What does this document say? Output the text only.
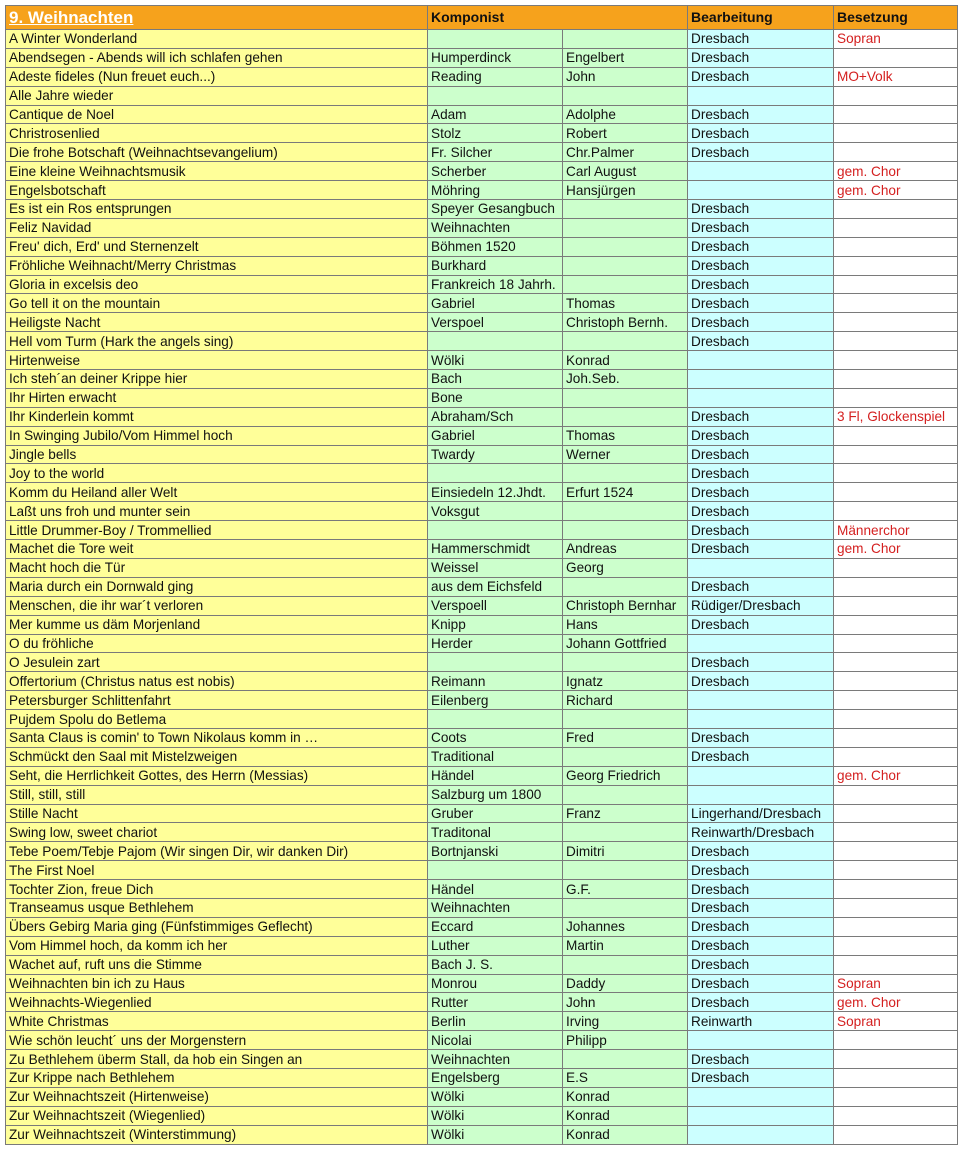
9. Weihnachten	Komponist		Bearbeitung	Besetzung
A Winter Wonderland			Dresbach	Sopran
Abendsegen - Abends will ich schlafen gehen	Humperdinck	Engelbert	Dresbach	
Adeste fideles (Nun freuet euch...)	Reading	John	Dresbach	MO+Volk
Alle Jahre wieder				
Cantique de Noel	Adam	Adolphe	Dresbach	
Christrosenlied	Stolz	Robert	Dresbach	
Die frohe Botschaft (Weihnachtsevangelium)	Fr. Silcher	Chr.Palmer	Dresbach	
Eine kleine Weihnachtsmusik	Scherber	Carl August		gem. Chor
Engelsbotschaft	Möhring	Hansjürgen		gem. Chor
Es ist ein Ros entsprungen	Speyer Gesangbuch		Dresbach	
Feliz Navidad	Weihnachten		Dresbach	
Freu' dich, Erd' und Sternenzelt	Böhmen 1520		Dresbach	
Fröhliche Weihnacht/Merry Christmas	Burkhard		Dresbach	
Gloria in excelsis deo	Frankreich 18 Jahrh.		Dresbach	
Go tell it on the mountain	Gabriel	Thomas	Dresbach	
Heiligste Nacht	Verspoel	Christoph Bernh.	Dresbach	
Hell vom Turm (Hark the angels sing)			Dresbach	
Hirtenweise	Wölki	Konrad		
Ich steh´an deiner Krippe hier	Bach	Joh.Seb.		
Ihr Hirten erwacht	Bone			
Ihr Kinderlein kommt	Abraham/Sch		Dresbach	3 Fl, Glockenspiel
In Swinging Jubilo/Vom Himmel hoch	Gabriel	Thomas	Dresbach	
Jingle bells	Twardy	Werner	Dresbach	
Joy to the world			Dresbach	
Komm du Heiland aller Welt	Einsiedeln 12.Jhdt.	Erfurt 1524	Dresbach	
Laßt uns froh und munter sein	Voksgut		Dresbach	
Little Drummer-Boy / Trommellied			Dresbach	Männerchor
Machet die Tore weit	Hammerschmidt	Andreas	Dresbach	gem. Chor
Macht hoch die Tür	Weissel	Georg		
Maria durch ein Dornwald ging	aus dem Eichsfeld		Dresbach	
Menschen, die ihr war´t verloren	Verspoell	Christoph Bernhar	Rüdiger/Dresbach	
Mer kumme us däm Morjenland	Knipp	Hans	Dresbach	
O du fröhliche	Herder	Johann Gottfried		
O Jesulein zart			Dresbach	
Offertorium (Christus natus est nobis)	Reimann	Ignatz	Dresbach	
Petersburger Schlittenfahrt	Eilenberg	Richard		
Pujdem Spolu do Betlema				
Santa Claus is comin' to Town Nikolaus komm in …	Coots	Fred	Dresbach	
Schmückt den Saal mit Mistelzweigen	Traditional		Dresbach	
Seht, die Herrlichkeit Gottes, des Herrn (Messias)	Händel	Georg Friedrich		gem. Chor
Still, still, still	Salzburg um 1800			
Stille Nacht	Gruber	Franz	Lingerhand/Dresbach	
Swing low, sweet chariot	Traditonal		Reinwarth/Dresbach	
Tebe Poem/Tebje Pajom (Wir singen Dir, wir danken Dir)	Bortnjanski	Dimitri	Dresbach	
The First Noel			Dresbach	
Tochter Zion, freue Dich	Händel	G.F.	Dresbach	
Transeamus usque Bethlehem	Weihnachten		Dresbach	
Übers Gebirg Maria ging (Fünfstimmiges Geflecht)	Eccard	Johannes	Dresbach	
Vom Himmel hoch, da komm ich her	Luther	Martin	Dresbach	
Wachet auf, ruft uns die Stimme	Bach J. S.		Dresbach	
Weihnachten bin ich zu Haus	Monrou	Daddy	Dresbach	Sopran
Weihnachts-Wiegenlied	Rutter	John	Dresbach	gem. Chor
White Christmas	Berlin	Irving	Reinwarth	Sopran
Wie schön leucht´ uns der Morgenstern	Nicolai	Philipp		
Zu Bethlehem überm Stall, da hob ein Singen an	Weihnachten		Dresbach	
Zur Krippe nach Bethlehem	Engelsberg	E.S	Dresbach	
Zur Weihnachtszeit (Hirtenweise)	Wölki	Konrad		
Zur Weihnachtszeit (Wiegenlied)	Wölki	Konrad		
Zur Weihnachtszeit (Winterstimmung)	Wölki	Konrad		
